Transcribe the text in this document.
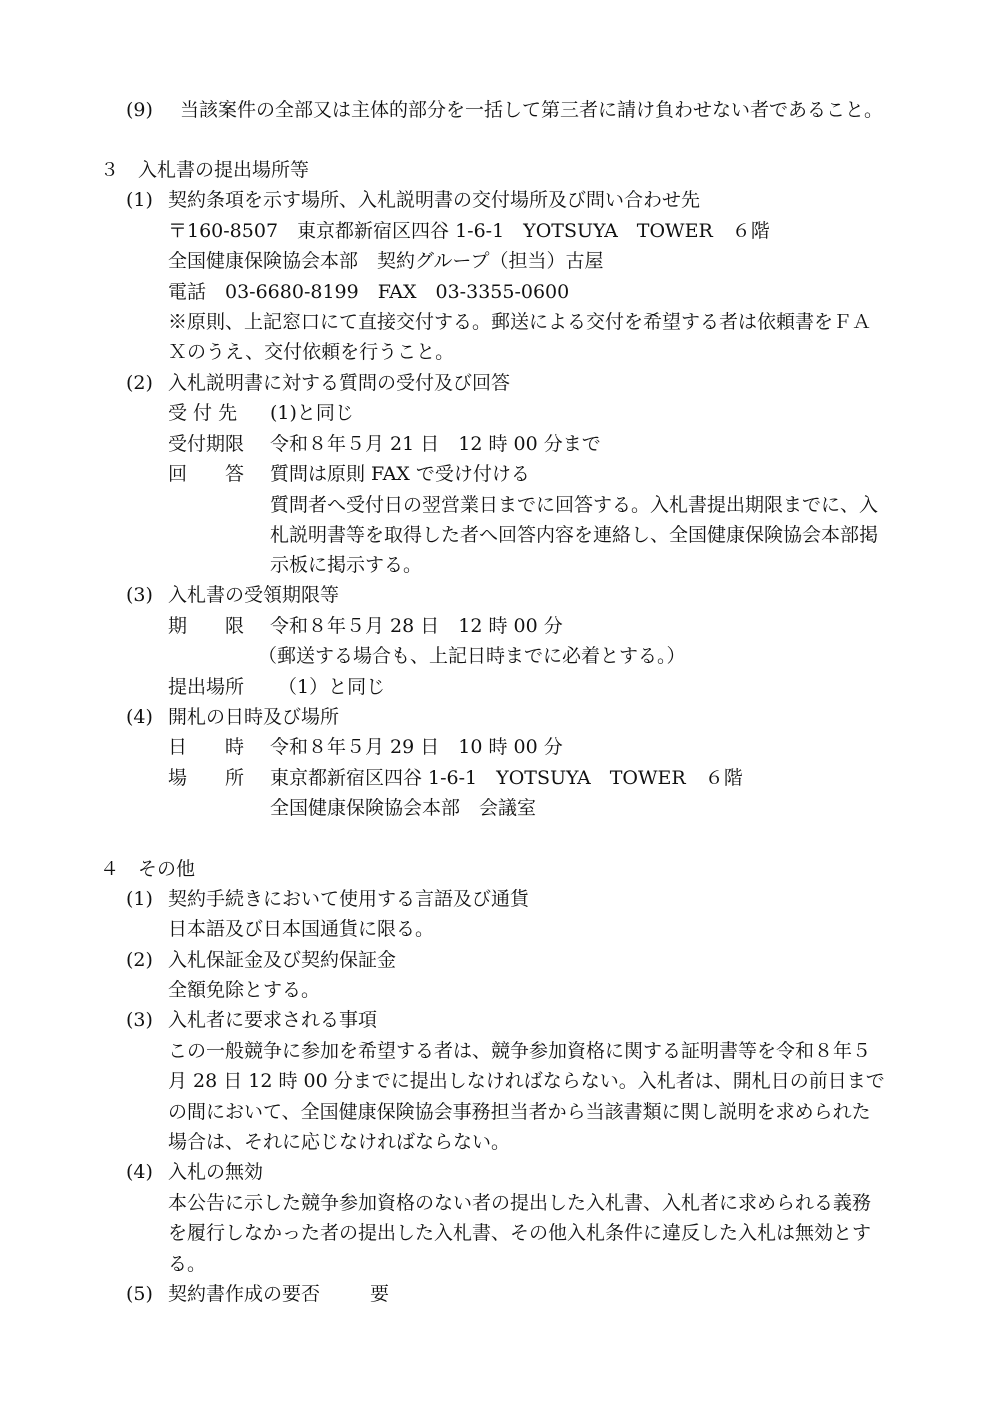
(9) 当該案件の全部又は主体的部分を一括して第三者に請け負わせない者であること。
３　入札書の提出場所等
(1) 契約条項を示す場所、入札説明書の交付場所及び問い合わせ先
〒160-8507　東京都新宿区四谷 1-6-1　YOTSUYA　TOWER　６階
全国健康保険協会本部　契約グループ（担当）古屋
電話　03-6680-8199　FAX　03-3355-0600
※原則、上記窓口にて直接交付する。郵送による交付を希望する者は依頼書をＦＡ
Ｘのうえ、交付依頼を行うこと。
(2) 入札説明書に対する質問の受付及び回答
受 付 先 (1)と同じ
受付期限 令和８年５月 21 日　12 時 00 分まで
回　　答 質問は原則 FAX で受け付ける
質問者へ受付日の翌営業日までに回答する。入札書提出期限までに、入
札説明書等を取得した者へ回答内容を連絡し、全国健康保険協会本部掲
示板に掲示する。
(3) 入札書の受領期限等
期　　限 令和８年５月 28 日　12 時 00 分
（郵送する場合も、上記日時までに必着とする。）
提出場所 （1）と同じ
(4) 開札の日時及び場所
日　　時 令和８年５月 29 日　10 時 00 分
場　　所 東京都新宿区四谷 1-6-1　YOTSUYA　TOWER　６階
全国健康保険協会本部　会議室
４　その他
(1) 契約手続きにおいて使用する言語及び通貨
日本語及び日本国通貨に限る。
(2) 入札保証金及び契約保証金
全額免除とする。
(3) 入札者に要求される事項
この一般競争に参加を希望する者は、競争参加資格に関する証明書等を令和８年５
月 28 日 12 時 00 分までに提出しなければならない。入札者は、開札日の前日まで
の間において、全国健康保険協会事務担当者から当該書類に関し説明を求められた
場合は、それに応じなければならない。
(4) 入札の無効
本公告に示した競争参加資格のない者の提出した入札書、入札者に求められる義務
を履行しなかった者の提出した入札書、その他入札条件に違反した入札は無効とす
る。
(5) 契約書作成の要否	要
